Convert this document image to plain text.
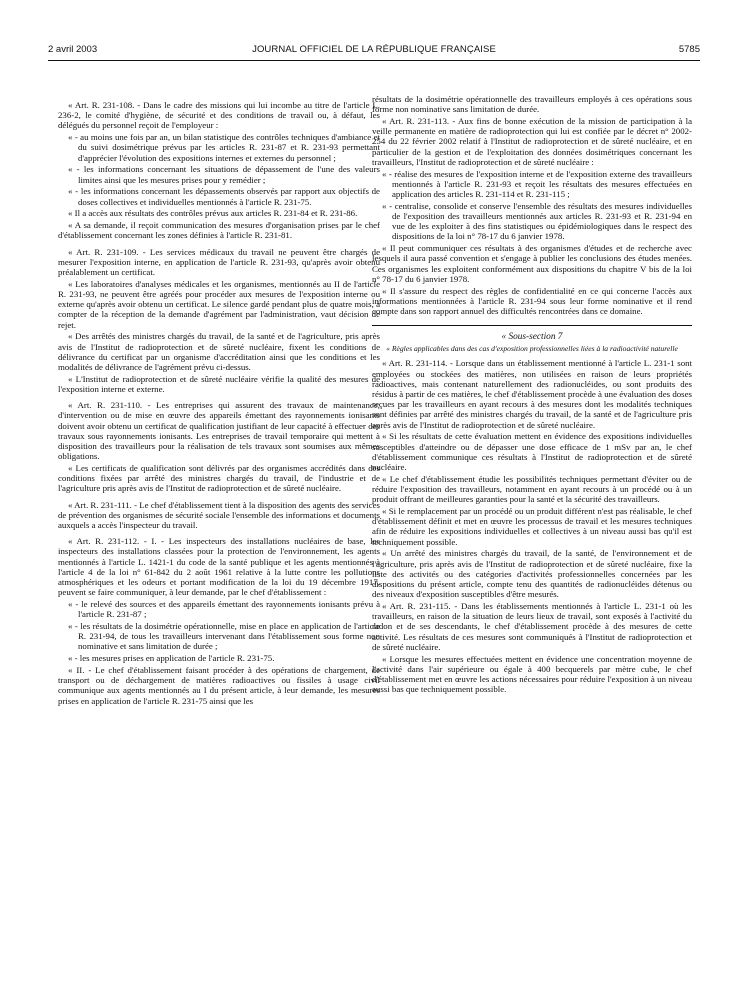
2 avril 2003	JOURNAL OFFICIEL DE LA RÉPUBLIQUE FRANÇAISE	5785

« Art. R. 231-108. - Dans le cadre des missions qui lui incombe au titre de l'article L. 236-2, le comité d'hygiène, de sécurité et des conditions de travail ou, à défaut, les délégués du personnel reçoit de l'employeur :

« - au moins une fois par an, un bilan statistique des contrôles techniques d'ambiance et du suivi dosimétrique prévus par les articles R. 231-87 et R. 231-93 permettant d'apprécier l'évolution des expositions internes et externes du personnel ;

« - les informations concernant les situations de dépassement de l'une des valeurs limites ainsi que les mesures prises pour y remédier ;

« - les informations concernant les dépassements observés par rapport aux objectifs de doses collectives et individuelles mentionnés à l'article R. 231-75.

« Il a accès aux résultats des contrôles prévus aux articles R. 231-84 et R. 231-86.

« A sa demande, il reçoit communication des mesures d'organisation prises par le chef d'établissement concernant les zones définies à l'article R. 231-81.

« Art. R. 231-109. - Les services médicaux du travail ne peuvent être chargés de mesurer l'exposition interne, en application de l'article R. 231-93, qu'après avoir obtenu préalablement un certificat.

« Les laboratoires d'analyses médicales et les organismes, mentionnés au II de l'article R. 231-93, ne peuvent être agréés pour procéder aux mesures de l'exposition interne ou externe qu'après avoir obtenu un certificat. Le silence gardé pendant plus de quatre mois, à compter de la réception de la demande d'agrément par l'administration, vaut décision de rejet.

« Des arrêtés des ministres chargés du travail, de la santé et de l'agriculture, pris après avis de l'Institut de radioprotection et de sûreté nucléaire, fixent les conditions de délivrance du certificat par un organisme d'accréditation ainsi que les conditions et les modalités de délivrance de l'agrément prévu ci-dessus.

« L'Institut de radioprotection et de sûreté nucléaire vérifie la qualité des mesures de l'exposition interne et externe.

« Art. R. 231-110. - Les entreprises qui assurent des travaux de maintenance, d'intervention ou de mise en œuvre des appareils émettant des rayonnements ionisants doivent avoir obtenu un certificat de qualification justifiant de leur capacité à effectuer des travaux sous rayonnements ionisants. Les entreprises de travail temporaire qui mettent à disposition des travailleurs pour la réalisation de tels travaux sont soumises aux mêmes obligations.

« Les certificats de qualification sont délivrés par des organismes accrédités dans des conditions fixées par arrêté des ministres chargés du travail, de l'industrie et de l'agriculture pris après avis de l'Institut de radioprotection et de sûreté nucléaire.

« Art. R. 231-111. - Le chef d'établissement tient à la disposition des agents des services de prévention des organismes de sécurité sociale l'ensemble des informations et documents auxquels a accès l'inspecteur du travail.

« Art. R. 231-112. - I. - Les inspecteurs des installations nucléaires de base, les inspecteurs des installations classées pour la protection de l'environnement, les agents mentionnés à l'article L. 1421-1 du code de la santé publique et les agents mentionnés à l'article 4 de la loi n° 61-842 du 2 août 1961 relative à la lutte contre les pollutions atmosphériques et les odeurs et portant modification de la loi du 19 décembre 1917, peuvent se faire communiquer, à leur demande, par le chef d'établissement :

« - le relevé des sources et des appareils émettant des rayonnements ionisants prévu à l'article R. 231-87 ;

« - les résultats de la dosimétrie opérationnelle, mise en place en application de l'article R. 231-94, de tous les travailleurs intervenant dans l'établissement sous forme non nominative et sans limitation de durée ;

« - les mesures prises en application de l'article R. 231-75.

« II. - Le chef d'établissement faisant procéder à des opérations de chargement, de transport ou de déchargement de matières radioactives ou fissiles à usage civil communique aux agents mentionnés au I du présent article, à leur demande, les mesures prises en application de l'article R. 231-75 ainsi que les

résultats de la dosimétrie opérationnelle des travailleurs employés à ces opérations sous forme non nominative sans limitation de durée.

« Art. R. 231-113. - Aux fins de bonne exécution de la mission de participation à la veille permanente en matière de radioprotection qui lui est confiée par le décret n° 2002-254 du 22 février 2002 relatif à l'Institut de radioprotection et de sûreté nucléaire, et en particulier de la gestion et de l'exploitation des données dosimétriques concernant les travailleurs, l'Institut de radioprotection et de sûreté nucléaire :

« - réalise des mesures de l'exposition interne et de l'exposition externe des travailleurs mentionnés à l'article R. 231-93 et reçoit les résultats des mesures effectuées en application des articles R. 231-114 et R. 231-115 ;

« - centralise, consolide et conserve l'ensemble des résultats des mesures individuelles de l'exposition des travailleurs mentionnés aux articles R. 231-93 et R. 231-94 en vue de les exploiter à des fins statistiques ou épidémiologiques dans le respect des dispositions de la loi n° 78-17 du 6 janvier 1978.

« Il peut communiquer ces résultats à des organismes d'études et de recherche avec lesquels il aura passé convention et s'engage à publier les conclusions des études menées. Ces organismes les exploitent conformément aux dispositions du chapitre V bis de la loi n° 78-17 du 6 janvier 1978.

« Il s'assure du respect des règles de confidentialité en ce qui concerne l'accès aux informations mentionnées à l'article R. 231-94 sous leur forme nominative et il rend compte dans son rapport annuel des difficultés rencontrées dans ce domaine.

« Sous-section 7
« Règles applicables dans des cas d'exposition professionnelles liées à la radioactivité naturelle

« Art. R. 231-114. - Lorsque dans un établissement mentionné à l'article L. 231-1 sont employées ou stockées des matières, non utilisées en raison de leurs propriétés radioactives, mais contenant naturellement des radionucléides, ou sont produits des résidus à partir de ces matières, le chef d'établissement procède à une évaluation des doses reçues par les travailleurs en ayant recours à des mesures dont les modalités techniques sont définies par arrêté des ministres chargés du travail, de la santé et de l'agriculture pris après avis de l'Institut de radioprotection et de sûreté nucléaire.

« Si les résultats de cette évaluation mettent en évidence des expositions individuelles susceptibles d'atteindre ou de dépasser une dose efficace de 1 mSv par an, le chef d'établissement communique ces résultats à l'Institut de radioprotection et de sûreté nucléaire.

« Le chef d'établissement étudie les possibilités techniques permettant d'éviter ou de réduire l'exposition des travailleurs, notamment en ayant recours à un procédé ou à un produit offrant de meilleures garanties pour la santé et la sécurité des travailleurs.

« Si le remplacement par un procédé ou un produit différent n'est pas réalisable, le chef d'établissement définit et met en œuvre les processus de travail et les mesures techniques afin de réduire les expositions individuelles et collectives à un niveau aussi bas qu'il est techniquement possible.

« Un arrêté des ministres chargés du travail, de la santé, de l'environnement et de l'agriculture, pris après avis de l'Institut de radioprotection et de sûreté nucléaire, fixe la liste des activités ou des catégories d'activités professionnelles concernées par les dispositions du présent article, compte tenu des quantités de radionucléides détenus ou des niveaux d'exposition susceptibles d'être mesurés.

« Art. R. 231-115. - Dans les établissements mentionnés à l'article L. 231-1 où les travailleurs, en raison de la situation de leurs lieux de travail, sont exposés à l'activité du radon et de ses descendants, le chef d'établissement procède à des mesures de cette activité. Les résultats de ces mesures sont communiqués à l'Institut de radioprotection et de sûreté nucléaire.

« Lorsque les mesures effectuées mettent en évidence une concentration moyenne de l'activité dans l'air supérieure ou égale à 400 becquerels par mètre cube, le chef d'établissement met en œuvre les actions nécessaires pour réduire l'exposition à un niveau aussi bas que techniquement possible.
